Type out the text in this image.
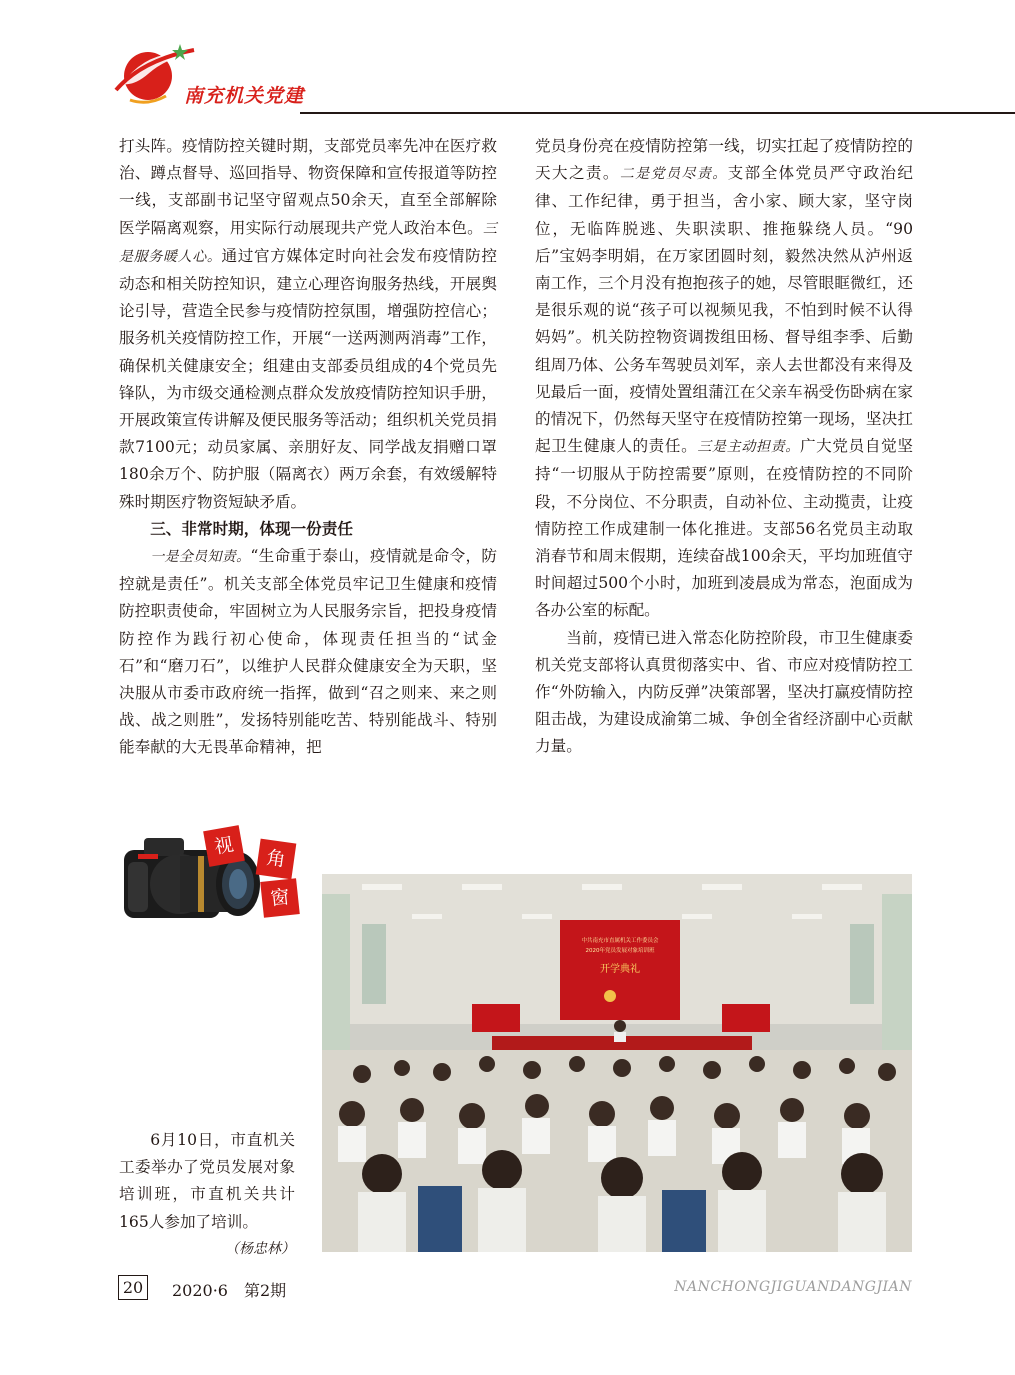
南充机关党建

打头阵。疫情防控关键时期，支部党员率先冲在医疗救治、蹲点督导、巡回指导、物资保障和宣传报道等防控一线，支部副书记坚守留观点50余天，直至全部解除医学隔离观察，用实际行动展现共产党人政治本色。三是服务暖人心。通过官方媒体定时向社会发布疫情防控动态和相关防控知识，建立心理咨询服务热线，开展舆论引导，营造全民参与疫情防控氛围，增强防控信心；服务机关疫情防控工作，开展“一送两测两消毒”工作，确保机关健康安全；组建由支部委员组成的4个党员先锋队，为市级交通检测点群众发放疫情防控知识手册，开展政策宣传讲解及便民服务等活动；组织机关党员捐款7100元；动员家属、亲朋好友、同学战友捐赠口罩180余万个、防护服（隔离衣）两万余套，有效缓解特殊时期医疗物资短缺矛盾。

三、非常时期，体现一份责任

一是全员知责。“生命重于泰山，疫情就是命令，防控就是责任”。机关支部全体党员牢记卫生健康和疫情防控职责使命，牢固树立为人民服务宗旨，把投身疫情防控作为践行初心使命，体现责任担当的“试金石”和“磨刀石”，以维护人民群众健康安全为天职，坚决服从市委市政府统一指挥，做到“召之则来、来之则战、战之则胜”，发扬特别能吃苦、特别能战斗、特别能奉献的大无畏革命精神，把

党员身份亮在疫情防控第一线，切实扛起了疫情防控的天大之责。二是党员尽责。支部全体党员严守政治纪律、工作纪律，勇于担当，舍小家、顾大家，坚守岗位，无临阵脱逃、失职渎职、推拖躲绕人员。“90后”宝妈李明娟，在万家团圆时刻，毅然决然从泸州返南工作，三个月没有抱抱孩子的她，尽管眼眶微红，还是很乐观的说“孩子可以视频见我，不怕到时候不认得妈妈”。机关防控物资调拨组田杨、督导组李季、后勤组周乃体、公务车驾驶员刘军，亲人去世都没有来得及见最后一面，疫情处置组蒲江在父亲车祸受伤卧病在家的情况下，仍然每天坚守在疫情防控第一现场，坚决扛起卫生健康人的责任。三是主动担责。广大党员自觉坚持“一切服从于防控需要”原则，在疫情防控的不同阶段，不分岗位、不分职责，自动补位、主动揽责，让疫情防控工作成建制一体化推进。支部56名党员主动取消春节和周末假期，连续奋战100余天，平均加班值守时间超过500个小时，加班到凌晨成为常态，泡面成为各办公室的标配。

当前，疫情已进入常态化防控阶段，市卫生健康委机关党支部将认真贯彻落实中、省、市应对疫情防控工作“外防输入，内防反弹”决策部署，坚决打赢疫情防控阻击战，为建设成渝第二城、争创全省经济副中心贡献力量。

视
角
窗
中共南充市直属机关工作委员会
2020年党员发展对象培训班
开学典礼
6月10日，市直机关工委举办了党员发展对象培训班，市直机关共计165人参加了培训。
（杨忠林）
20	2020·6　第2期	NANCHONGJIGUANDANGJIAN
